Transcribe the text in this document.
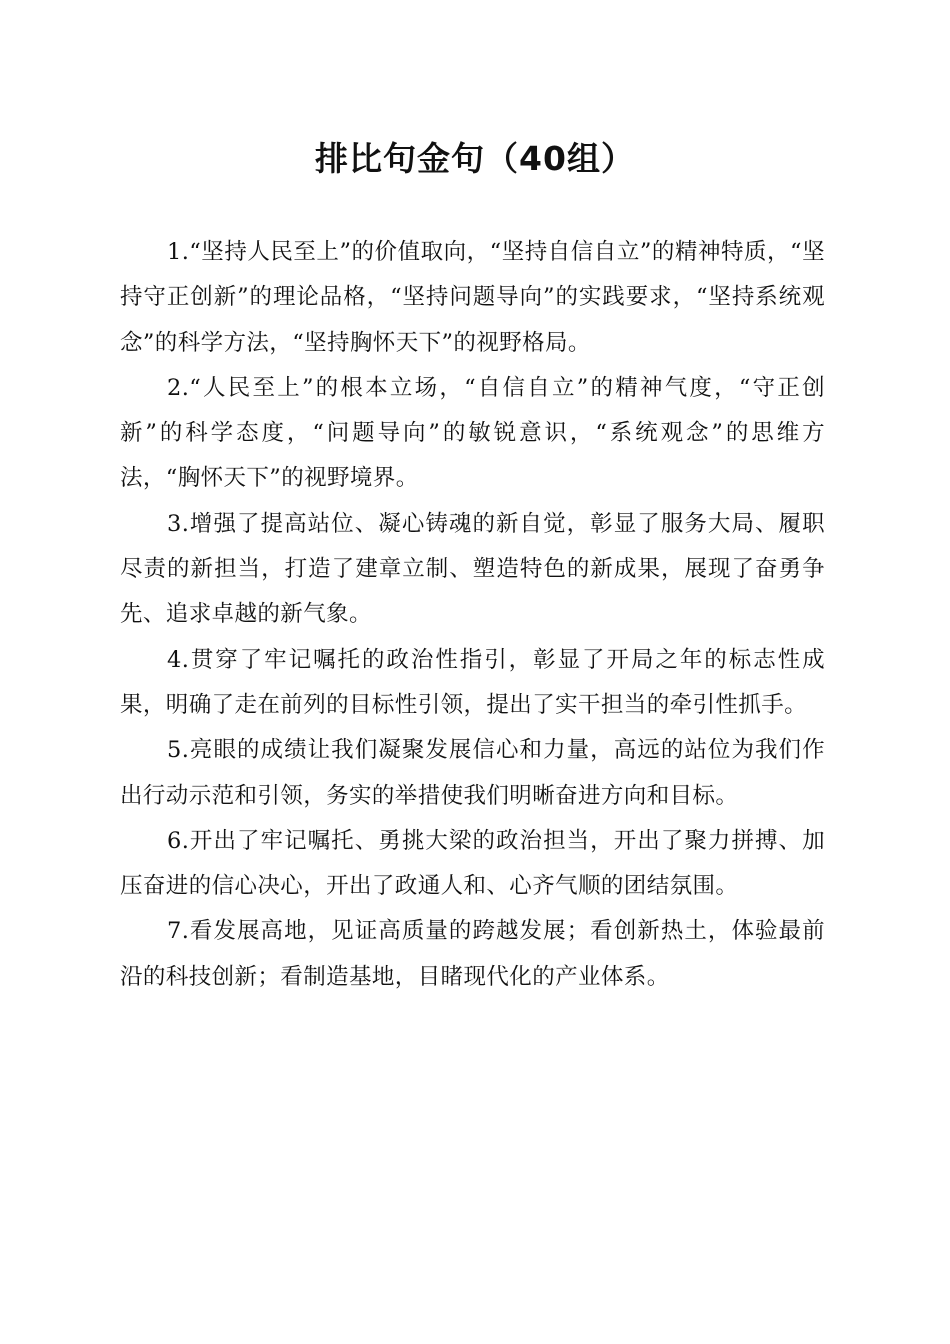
排比句金句（40组）

1.“坚持人民至上”的价值取向，“坚持自信自立”的精神特质，“坚持守正创新”的理论品格，“坚持问题导向”的实践要求，“坚持系统观念”的科学方法，“坚持胸怀天下”的视野格局。

2.“人民至上”的根本立场，“自信自立”的精神气度，“守正创新”的科学态度，“问题导向”的敏锐意识，“系统观念”的思维方法，“胸怀天下”的视野境界。

3.增强了提高站位、凝心铸魂的新自觉，彰显了服务大局、履职尽责的新担当，打造了建章立制、塑造特色的新成果，展现了奋勇争先、追求卓越的新气象。

4.贯穿了牢记嘱托的政治性指引，彰显了开局之年的标志性成果，明确了走在前列的目标性引领，提出了实干担当的牵引性抓手。

5.亮眼的成绩让我们凝聚发展信心和力量，高远的站位为我们作出行动示范和引领，务实的举措使我们明晰奋进方向和目标。

6.开出了牢记嘱托、勇挑大梁的政治担当，开出了聚力拼搏、加压奋进的信心决心，开出了政通人和、心齐气顺的团结氛围。

7.看发展高地，见证高质量的跨越发展；看创新热土，体验最前沿的科技创新；看制造基地，目睹现代化的产业体系。
